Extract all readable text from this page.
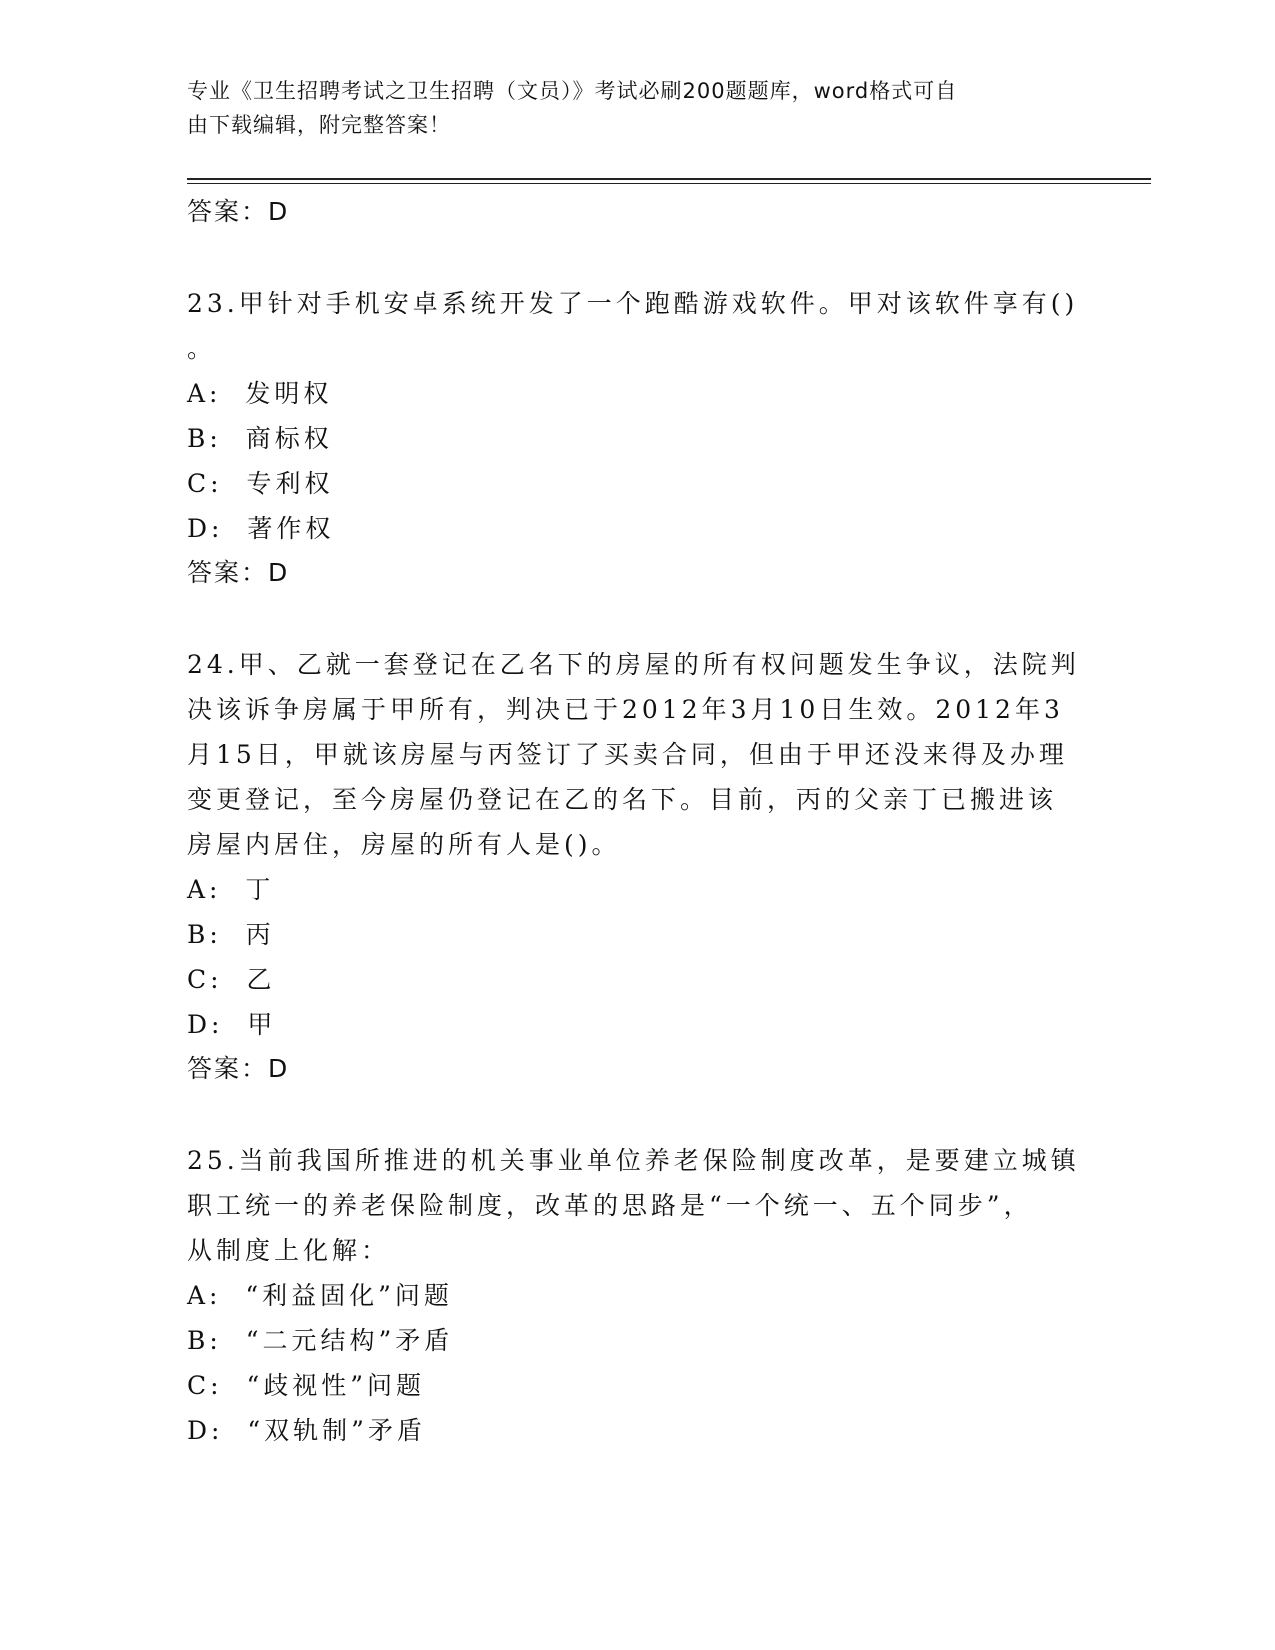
专业《卫生招聘考试之卫生招聘（文员）》考试必刷200题题库，word格式可自
由下载编辑，附完整答案！
答案：D
23.甲针对手机安卓系统开发了一个跑酷游戏软件。甲对该软件享有()
。
A:  发明权
B:  商标权
C:  专利权
D:  著作权
答案：D
24.甲、乙就一套登记在乙名下的房屋的所有权问题发生争议，法院判
决该诉争房属于甲所有，判决已于2012年3月10日生效。2012年3
月15日，甲就该房屋与丙签订了买卖合同，但由于甲还没来得及办理
变更登记，至今房屋仍登记在乙的名下。目前，丙的父亲丁已搬进该
房屋内居住，房屋的所有人是()。
A:  丁
B:  丙
C:  乙
D:  甲
答案：D
25.当前我国所推进的机关事业单位养老保险制度改革，是要建立城镇
职工统一的养老保险制度，改革的思路是“一个统一、五个同步”，
从制度上化解：
A:  “利益固化”问题
B:  “二元结构”矛盾
C:  “歧视性”问题
D:  “双轨制”矛盾
